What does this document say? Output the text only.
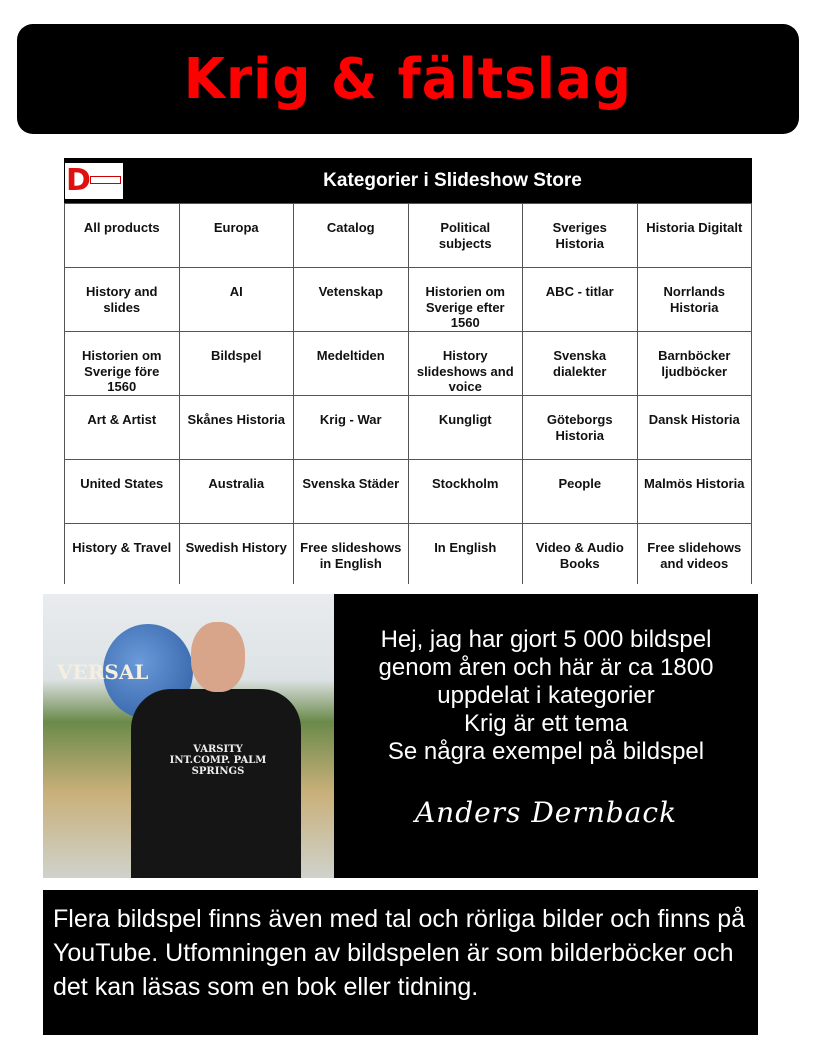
Krig & fältslag
D	Kategorier i Slideshow Store
All products	Europa	Catalog	Political subjects	Sveriges Historia	Historia Digitalt
History and slides	AI	Vetenskap	Historien om Sverige efter 1560	ABC - titlar	Norrlands Historia
Historien om Sverige före 1560	Bildspel	Medeltiden	History slideshows and voice	Svenska dialekter	Barnböcker ljudböcker
Art & Artist	Skånes Historia	Krig - War	Kungligt	Göteborgs Historia	Dansk Historia
United States	Australia	Svenska Städer	Stockholm	People	Malmös Historia
History & Travel	Swedish History	Free slideshows in English	In English	Video & Audio Books	Free slidehows and videos
VERSAL
VARSITY INT.COMP. PALM SPRINGS
Hej, jag har gjort 5 000 bildspel
genom åren och här är ca 1800
uppdelat i kategorier
Krig är ett tema
Se några exempel på bildspel
Anders Dernback
Flera bildspel finns även med tal och rörliga bilder och finns på YouTube. Utfomningen av bildspelen är som bilderböcker och det kan läsas som en bok eller tidning.
